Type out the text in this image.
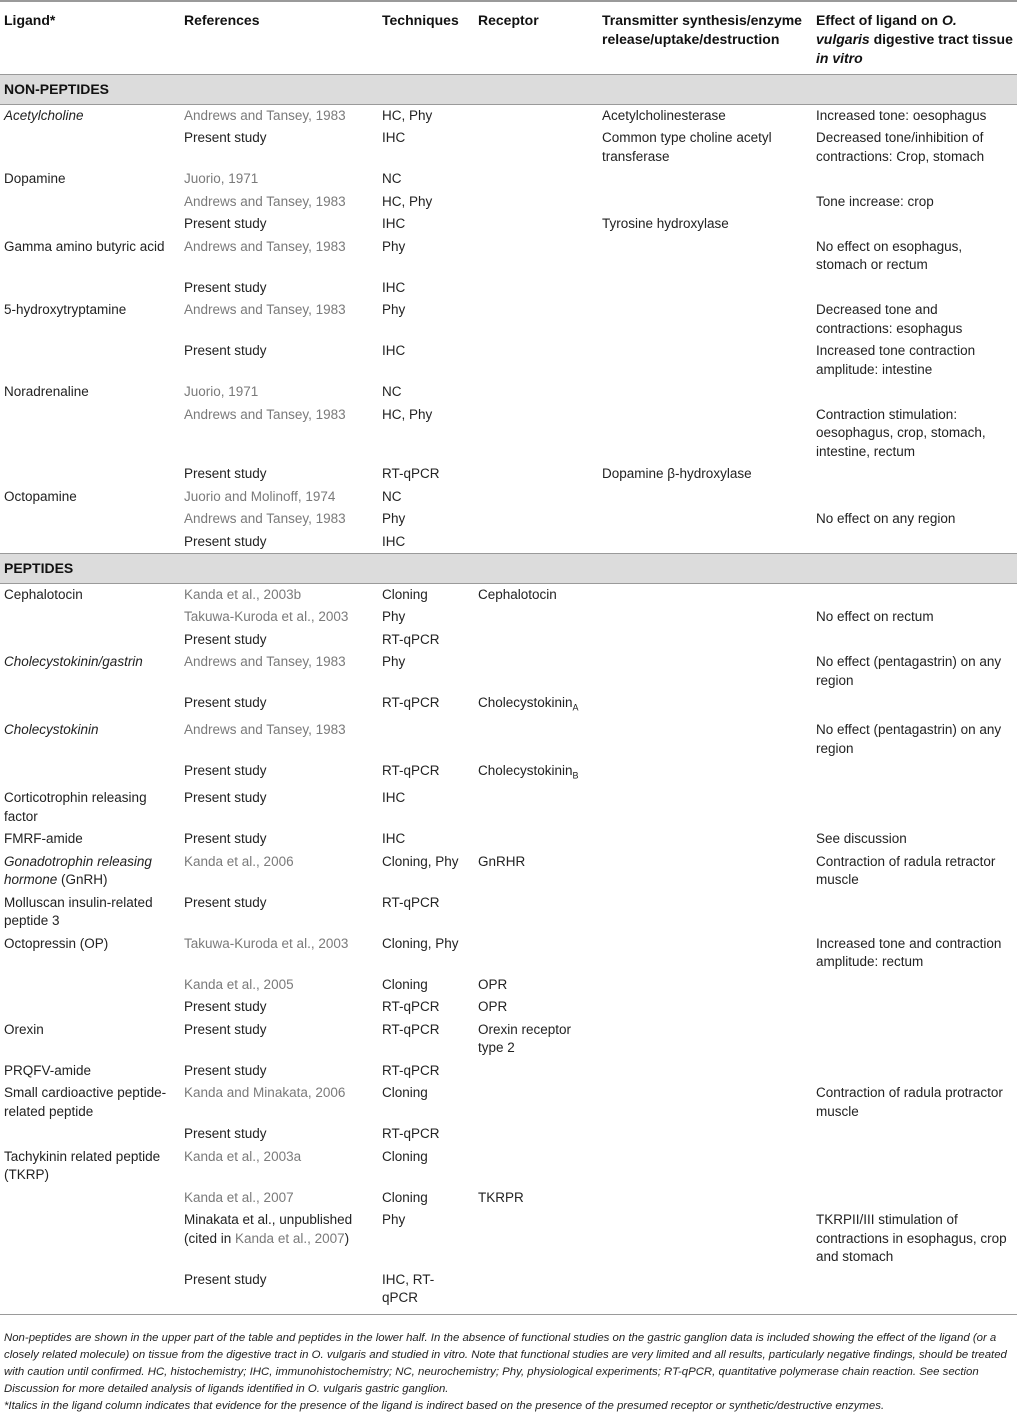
Ligand*	References	Techniques	Receptor	Transmitter synthesis/enzyme release/uptake/destruction	Effect of ligand on O. vulgaris digestive tract tissue in vitro
NON-PEPTIDES					
Acetylcholine	Andrews and Tansey, 1983	HC, Phy		Acetylcholinesterase	Increased tone: oesophagus
	Present study	IHC		Common type choline acetyl transferase	Decreased tone/inhibition of contractions: Crop, stomach
Dopamine	Juorio, 1971	NC			
	Andrews and Tansey, 1983	HC, Phy			Tone increase: crop
	Present study	IHC		Tyrosine hydroxylase	
Gamma amino butyric acid	Andrews and Tansey, 1983	Phy			No effect on esophagus, stomach or rectum
	Present study	IHC			
5-hydroxytryptamine	Andrews and Tansey, 1983	Phy			Decreased tone and contractions: esophagus
	Present study	IHC			Increased tone contraction amplitude: intestine
Noradrenaline	Juorio, 1971	NC			
	Andrews and Tansey, 1983	HC, Phy			Contraction stimulation: oesophagus, crop, stomach, intestine, rectum
	Present study	RT-qPCR		Dopamine β-hydroxylase	
Octopamine	Juorio and Molinoff, 1974	NC			
	Andrews and Tansey, 1983	Phy			No effect on any region
	Present study	IHC			
PEPTIDES					
Cephalotocin	Kanda et al., 2003b	Cloning	Cephalotocin		
	Takuwa-Kuroda et al., 2003	Phy			No effect on rectum
	Present study	RT-qPCR			
Cholecystokinin/gastrin	Andrews and Tansey, 1983	Phy			No effect (pentagastrin) on any region
	Present study	RT-qPCR	Cholecystokinin$_A$		
Cholecystokinin	Andrews and Tansey, 1983				No effect (pentagastrin) on any region
	Present study	RT-qPCR	Cholecystokinin$_B$		
Corticotrophin releasing factor	Present study	IHC			
FMRF-amide	Present study	IHC			See discussion
Gonadotrophin releasing hormone (GnRH)	Kanda et al., 2006	Cloning, Phy	GnRHR		Contraction of radula retractor muscle
Molluscan insulin-related peptide 3	Present study	RT-qPCR			
Octopressin (OP)	Takuwa-Kuroda et al., 2003	Cloning, Phy			Increased tone and contraction amplitude: rectum
	Kanda et al., 2005	Cloning	OPR		
	Present study	RT-qPCR	OPR		
Orexin	Present study	RT-qPCR	Orexin receptor type 2		
PRQFV-amide	Present study	RT-qPCR			
Small cardioactive peptide-related peptide	Kanda and Minakata, 2006	Cloning			Contraction of radula protractor muscle
	Present study	RT-qPCR			
Tachykinin related peptide (TKRP)	Kanda et al., 2003a	Cloning			
	Kanda et al., 2007	Cloning	TKRPR		
	Minakata et al., unpublished (cited in Kanda et al., 2007)	Phy			TKRPII/III stimulation of contractions in esophagus, crop and stomach
	Present study	IHC, RT-qPCR			

Non-peptides are shown in the upper part of the table and peptides in the lower half. In the absence of functional studies on the gastric ganglion data is included showing the effect of the ligand (or a closely related molecule) on tissue from the digestive tract in O. vulgaris and studied in vitro. Note that functional studies are very limited and all results, particularly negative findings, should be treated with caution until confirmed. HC, histochemistry; IHC, immunohistochemistry; NC, neurochemistry; Phy, physiological experiments; RT-qPCR, quantitative polymerase chain reaction. See section Discussion for more detailed analysis of ligands identified in O. vulgaris gastric ganglion.

*Italics in the ligand column indicates that evidence for the presence of the ligand is indirect based on the presence of the presumed receptor or synthetic/destructive enzymes.
